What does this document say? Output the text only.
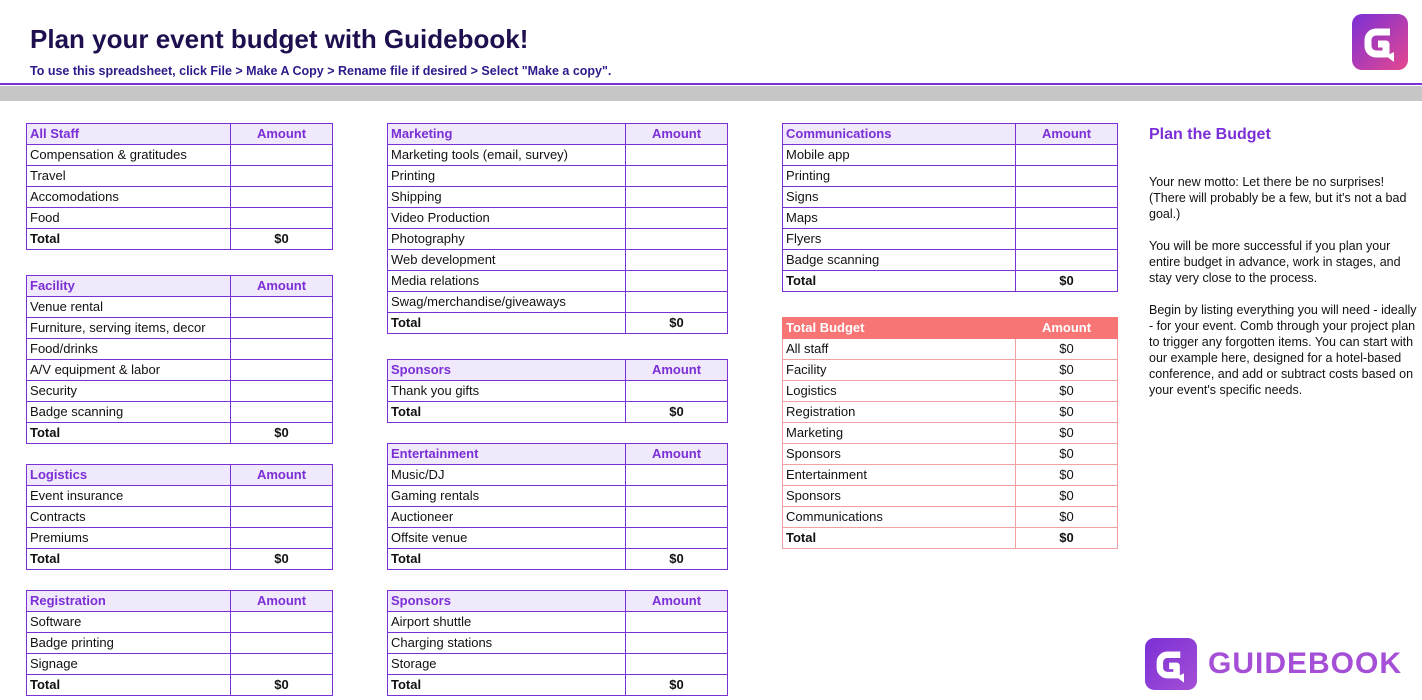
Plan your event budget with Guidebook!
To use this spreadsheet, click File > Make A Copy > Rename file if desired > Select "Make a copy".
All Staff	Amount
Compensation & gratitudes	
Travel	
Accomodations	
Food	
Total	$0
Facility	Amount
Venue rental	
Furniture, serving items, decor	
Food/drinks	
A/V equipment & labor	
Security	
Badge scanning	
Total	$0
Logistics	Amount
Event insurance	
Contracts	
Premiums	
Total	$0
Registration	Amount
Software	
Badge printing	
Signage	
Total	$0
Marketing	Amount
Marketing tools (email, survey)	
Printing	
Shipping	
Video Production	
Photography	
Web development	
Media relations	
Swag/merchandise/giveaways	
Total	$0
Sponsors	Amount
Thank you gifts	
Total	$0
Entertainment	Amount
Music/DJ	
Gaming rentals	
Auctioneer	
Offsite venue	
Total	$0
Sponsors	Amount
Airport shuttle	
Charging stations	
Storage	
Total	$0
Communications	Amount
Mobile app	
Printing	
Signs	
Maps	
Flyers	
Badge scanning	
Total	$0
Total Budget	Amount
All staff	$0
Facility	$0
Logistics	$0
Registration	$0
Marketing	$0
Sponsors	$0
Entertainment	$0
Sponsors	$0
Communications	$0
Total	$0
Plan the Budget

Your new motto: Let there be no surprises! (There will probably be a few, but it's not a bad goal.)

You will be more successful if you plan your entire budget in advance, work in stages, and stay very close to the process.

Begin by listing everything you will need - ideally - for your event. Comb through your project plan to trigger any forgotten items. You can start with our example here, designed for a hotel-based conference, and add or subtract costs based on your event's specific needs.

GUIDEBOOK
